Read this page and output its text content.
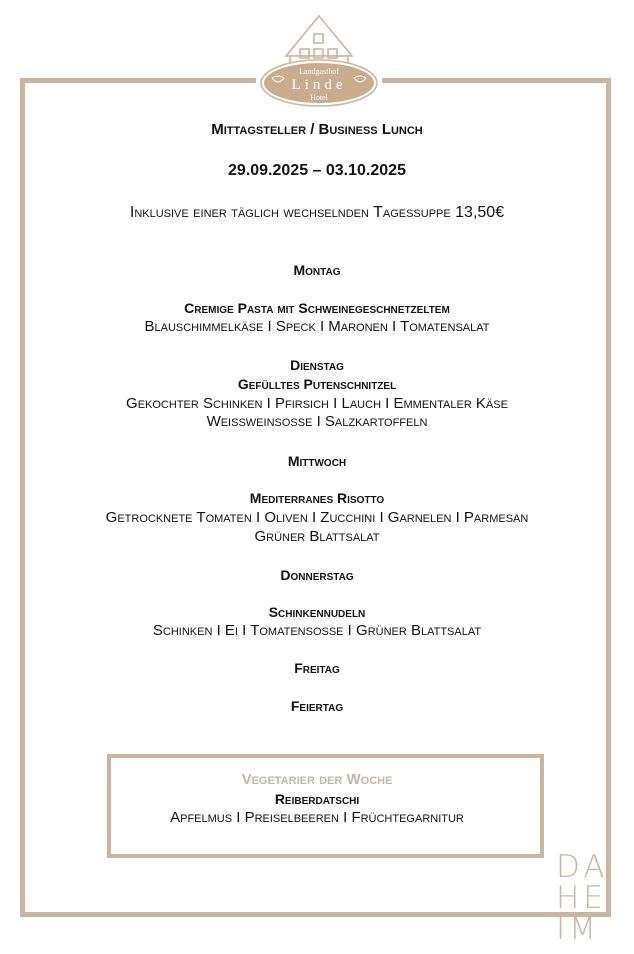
Landgasthof
Linde
Hotel
Mittagsteller / Business Lunch
29.09.2025 – 03.10.2025
Inklusive einer täglich wechselnden Tagessuppe 13,50€
Montag
Cremige Pasta mit Schweinegeschnetzeltem
Blauschimmelkäse I Speck I Maronen I Tomatensalat
Dienstag
Gefülltes Putenschnitzel
Gekochter Schinken I Pfirsich I Lauch I Emmentaler Käse
Weißweinsoße I Salzkartoffeln
Mittwoch
Mediterranes Risotto
Getrocknete Tomaten I Oliven I Zucchini I Garnelen I Parmesan
Grüner Blattsalat
Donnerstag
Schinkennudeln
Schinken I Ei I Tomatensoße I Grüner Blattsalat
Freitag
Feiertag
Vegetarier der Woche
Reiberdatschi
Apfelmus I Preiselbeeren I Früchtegarnitur
DA
HE
IM
